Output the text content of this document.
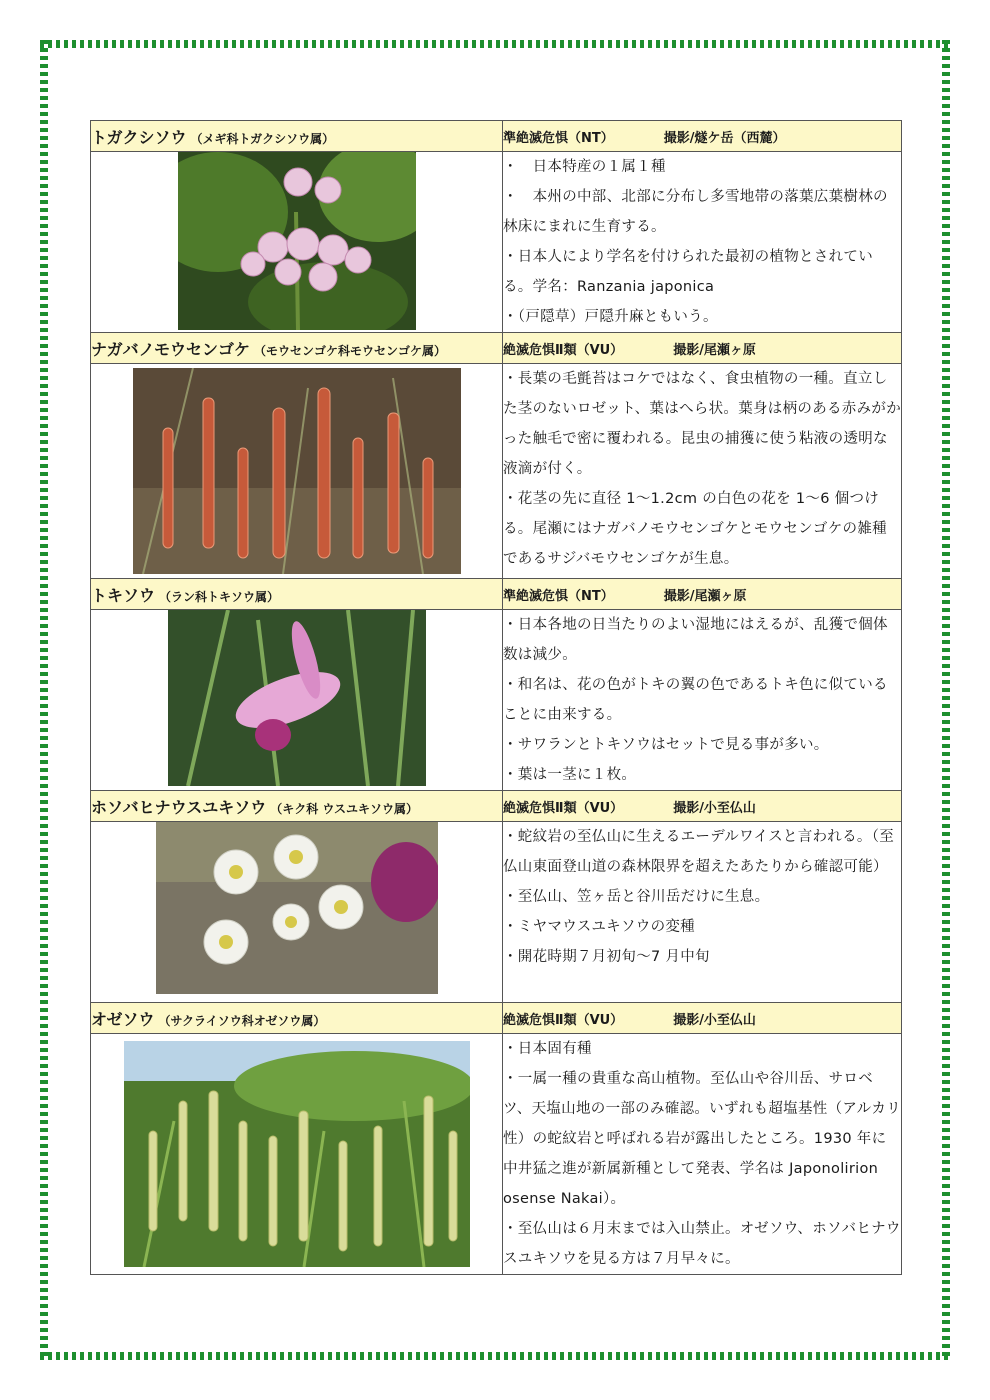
トガクシソウ （メギ科トガクシソウ属）	準絶滅危惧（NT） 撮影/燧ケ岳（西麓）

・　日本特産の１属１種

・　本州の中部、北部に分布し多雪地帯の落葉広葉樹林の林床にまれに生育する。

・日本人により学名を付けられた最初の植物とされている。学名：Ranzania japonica

・（戸隠草）戸隠升麻ともいう。

ナガバノモウセンゴケ （モウセンゴケ科モウセンゴケ属）	絶滅危惧Ⅱ類（VU） 撮影/尾瀬ヶ原

・長葉の毛氈苔はコケではなく、食虫植物の一種。直立した茎のないロゼット、葉はへら状。葉身は柄のある赤みがかった触毛で密に覆われる。昆虫の捕獲に使う粘液の透明な液滴が付く。

・花茎の先に直径 1～1.2cm の白色の花を 1～6 個つける。尾瀬にはナガバノモウセンゴケとモウセンゴケの雑種であるサジバモウセンゴケが生息。

トキソウ （ラン科トキソウ属）	準絶滅危惧（NT） 撮影/尾瀬ヶ原

・日本各地の日当たりのよい湿地にはえるが、乱獲で個体数は減少。

・和名は、花の色がトキの翼の色であるトキ色に似ていることに由来する。

・サワランとトキソウはセットで見る事が多い。

・葉は一茎に１枚。

ホソバヒナウスユキソウ （キク科 ウスユキソウ属）	絶滅危惧Ⅱ類（VU） 撮影/小至仏山

・蛇紋岩の至仏山に生えるエーデルワイスと言われる。（至仏山東面登山道の森林限界を超えたあたりから確認可能）

・至仏山、笠ヶ岳と谷川岳だけに生息。

・ミヤマウスユキソウの変種

・開花時期７月初旬～7 月中旬

オゼソウ （サクライソウ科オゼソウ属）	絶滅危惧Ⅱ類（VU） 撮影/小至仏山

・日本固有種

・一属一種の貴重な高山植物。至仏山や谷川岳、サロベツ、天塩山地の一部のみ確認。いずれも超塩基性（アルカリ性）の蛇紋岩と呼ばれる岩が露出したところ。1930 年に中井猛之進が新属新種として発表、学名は Japonolirion osense Nakai）。

・至仏山は６月末までは入山禁止。オゼソウ、ホソバヒナウスユキソウを見る方は７月早々に。
